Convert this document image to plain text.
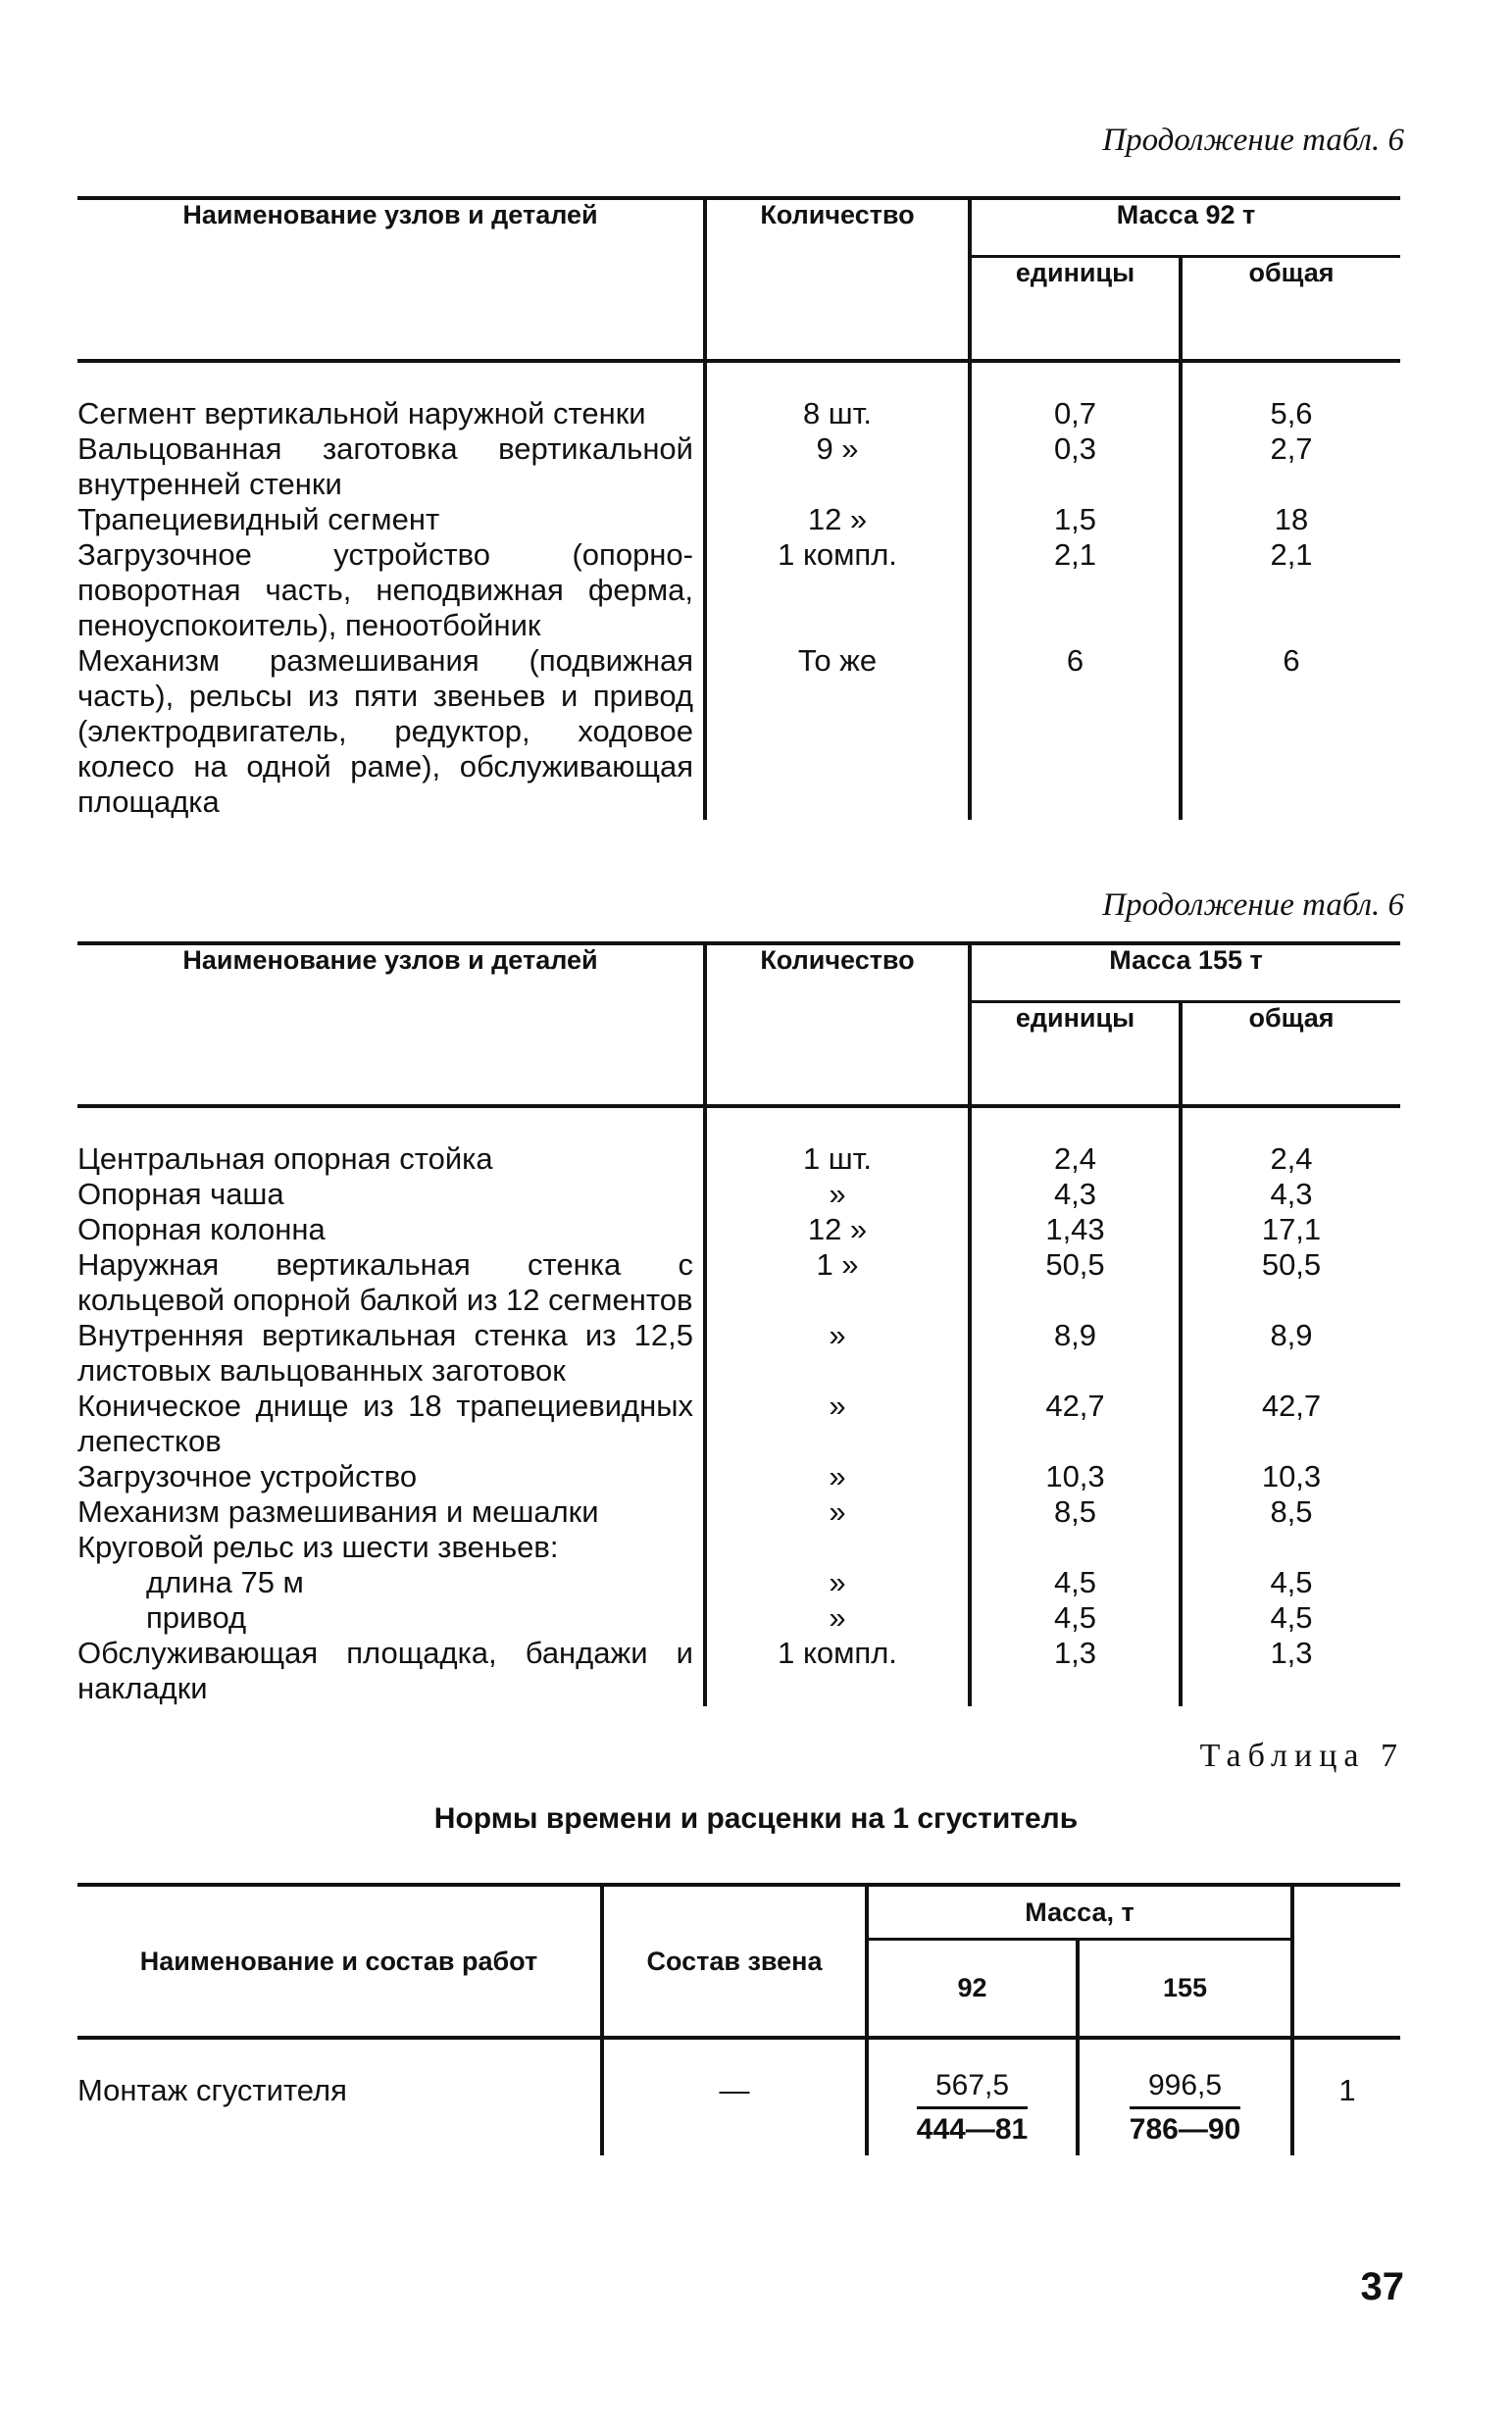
Продолжение табл. 6
Наименование узлов и деталей	Количество	Масса 92 т	
		единицы	общая
Сегмент вертикальной наружной стенки	8 шт.	0,7	5,6
Вальцованная заготовка вертикальной внутренней стенки	9 »	0,3	2,7
Трапециевидный сегмент	12 »	1,5	18
Загрузочное устройство (опорно-поворотная часть, неподвижная ферма, пеноуспокоитель), пеноотбойник	1 компл.	2,1	2,1
Механизм размешивания (подвижная часть), рельсы из пяти звеньев и привод (электродвигатель, редуктор, ходовое колесо на одной раме), обслуживающая площадка	То же	6	6
Продолжение табл. 6
Наименование узлов и деталей	Количество	Масса 155 т	
		единицы	общая
Центральная опорная стойка	1 шт.	2,4	2,4
Опорная чаша	»	4,3	4,3
Опорная колонна	12 »	1,43	17,1
Наружная вертикальная стенка с кольцевой опорной балкой из 12 сегментов	1 »	50,5	50,5
Внутренняя вертикальная стенка из 12,5 листовых вальцованных заготовок	»	8,9	8,9
Коническое днище из 18 трапециевидных лепестков	»	42,7	42,7
Загрузочное устройство	»	10,3	10,3
Механизм размешивания и мешалки	»	8,5	8,5
Круговой рельс из шести звеньев:			
длина 75 м	»	4,5	4,5
привод	»	4,5	4,5
Обслуживающая площадка, бандажи и накладки	1 компл.	1,3	1,3
Таблица 7
Нормы времени и расценки на 1 сгуститель
Наименование и состав работ	Состав звена	Масса, т		
		92	155	
Монтаж сгустителя	—	$\frac{567,5}{444—81}$	$\frac{996,5}{786—90}$	1
37
